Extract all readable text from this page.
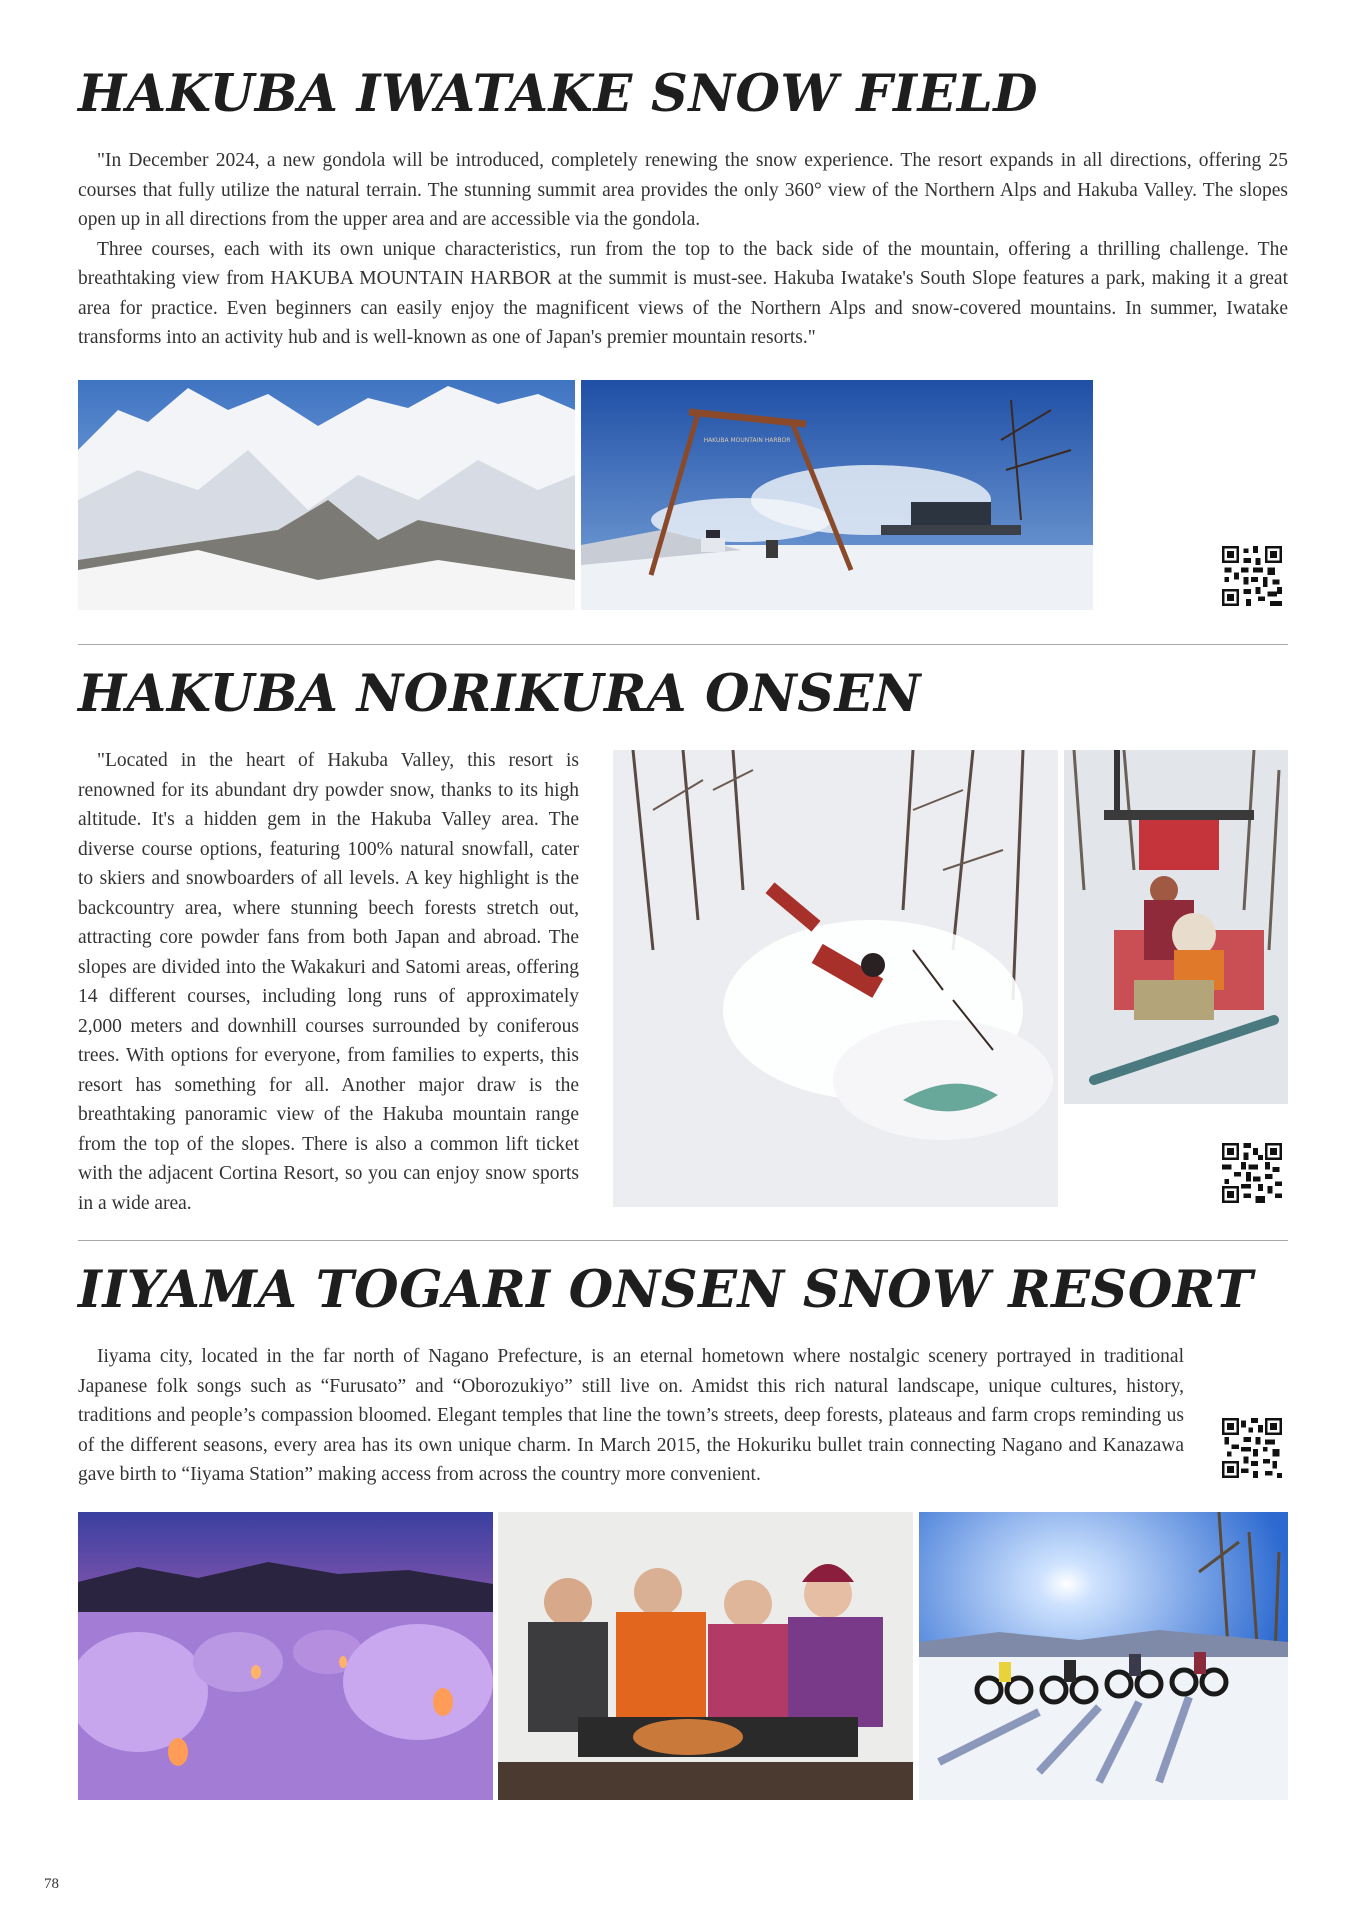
HAKUBA IWATAKE SNOW FIELD

"In December 2024, a new gondola will be introduced, completely renewing the snow experience. The resort expands in all directions, offering 25 courses that fully utilize the natural terrain. The stunning summit area provides the only 360° view of the Northern Alps and Hakuba Valley. The slopes open up in all directions from the upper area and are accessible via the gondola.

Three courses, each with its own unique characteristics, run from the top to the back side of the mountain, offering a thrilling challenge. The breathtaking view from HAKUBA MOUNTAIN HARBOR at the summit is must-see. Hakuba Iwatake's South Slope features a park, making it a great area for practice. Even beginners can easily enjoy the magnificent views of the Northern Alps and snow-covered mountains. In summer, Iwatake transforms into an activity hub and is well-known as one of Japan's premier mountain resorts."

HAKUBA MOUNTAIN HARBOR
HAKUBA NORIKURA ONSEN

"Located in the heart of Hakuba Valley, this resort is renowned for its abundant dry powder snow, thanks to its high altitude. It's a hidden gem in the Hakuba Valley area. The diverse course options, featuring 100% natural snowfall, cater to skiers and snowboarders of all levels. A key highlight is the backcountry area, where stunning beech forests stretch out, attracting core powder fans from both Japan and abroad. The slopes are divided into the Wakakuri and Satomi areas, offering 14 different courses, including long runs of approximately 2,000 meters and downhill courses surrounded by coniferous trees. With options for everyone, from families to experts, this resort has something for all. Another major draw is the breathtaking panoramic view of the Hakuba mountain range from the top of the slopes. There is also a common lift ticket with the adjacent Cortina Resort, so you can enjoy snow sports in a wide area.

IIYAMA TOGARI ONSEN SNOW RESORT

Iiyama city, located in the far north of Nagano Prefecture, is an eternal hometown where nostalgic scenery portrayed in traditional Japanese folk songs such as “Furusato” and “Oborozukiyo” still live on. Amidst this rich natural landscape, unique cultures, history, traditions and people’s compassion bloomed. Elegant temples that line the town’s streets, deep forests, plateaus and farm crops reminding us of the different seasons, every area has its own unique charm. In March 2015, the Hokuriku bullet train connecting Nagano and Kanazawa gave birth to “Iiyama Station” making access from across the country more convenient.

78
